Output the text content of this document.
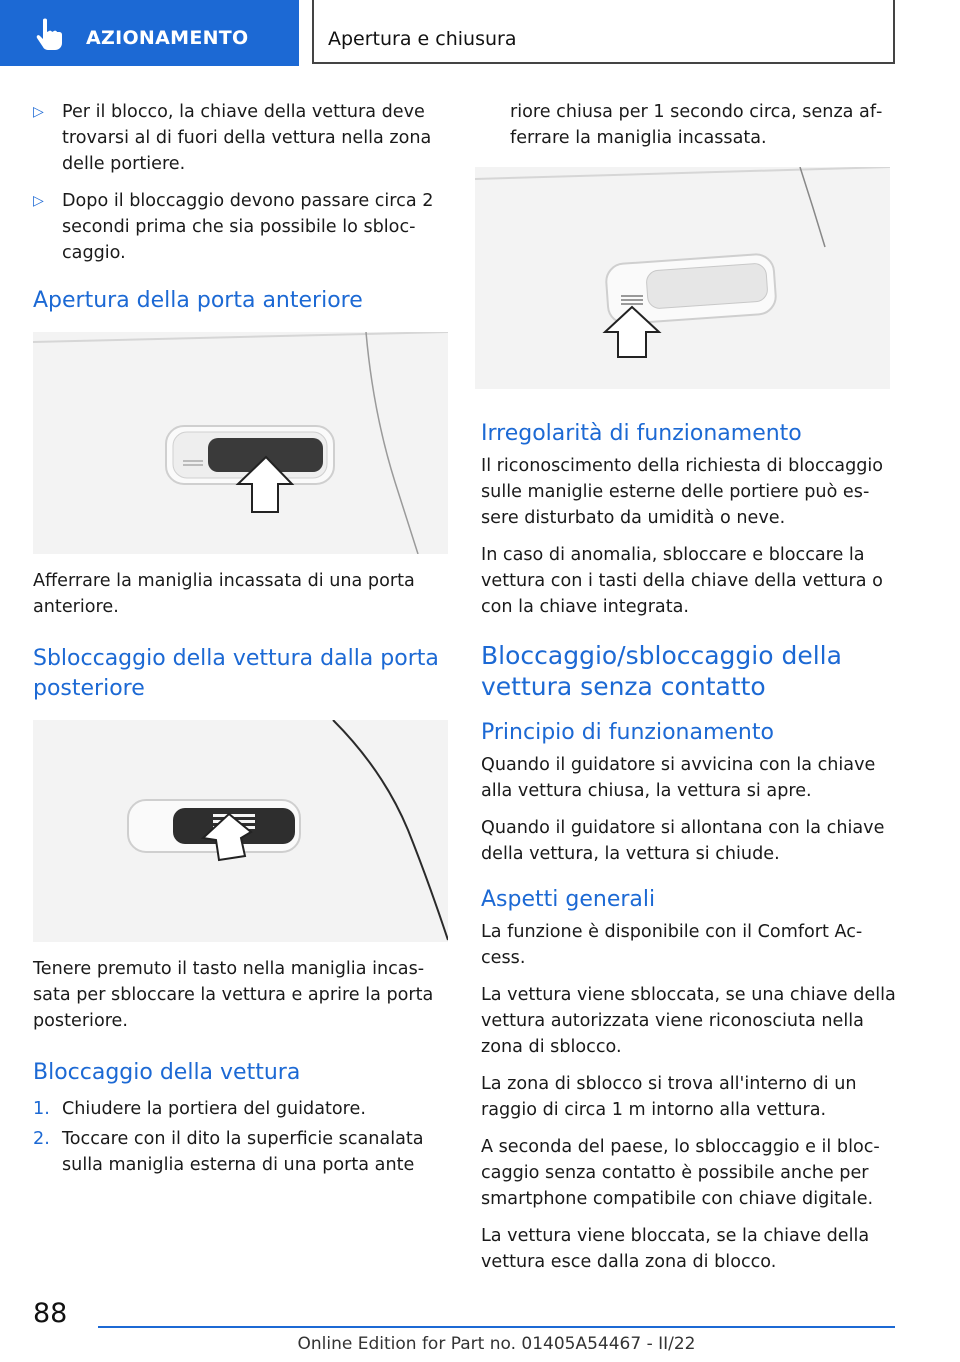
AZIONAMENTO	Apertura e chiusura
▷ Per il blocco, la chiave della vettura deve trovarsi al di fuori della vettura nella zona delle portiere.
▷ Dopo il bloccaggio devono passare circa 2 secondi prima che sia possibile lo sbloccaggio.
Apertura della porta anteriore

Afferrare la maniglia incassata di una porta anteriore.

Sbloccaggio della vettura dalla porta posteriore

Tenere premuto il tasto nella maniglia incassata per sbloccare la vettura e aprire la porta posteriore.

Bloccaggio della vettura
1. Chiudere la portiera del guidatore.
2. Toccare con il dito la superficie scanalata sulla maniglia esterna di una porta ante

riore chiusa per 1 secondo circa, senza afferrare la maniglia incassata.

Irregolarità di funzionamento

Il riconoscimento della richiesta di bloccaggio sulle maniglie esterne delle portiere può essere disturbato da umidità o neve.

In caso di anomalia, sbloccare e bloccare la vettura con i tasti della chiave della vettura o con la chiave integrata.

Bloccaggio/sbloccaggio della vettura senza contatto
Principio di funzionamento

Quando il guidatore si avvicina con la chiave alla vettura chiusa, la vettura si apre.

Quando il guidatore si allontana con la chiave della vettura, la vettura si chiude.

Aspetti generali

La funzione è disponibile con il Comfort Access.

La vettura viene sbloccata, se una chiave della vettura autorizzata viene riconosciuta nella zona di sblocco.

La zona di sblocco si trova all'interno di un raggio di circa 1 m intorno alla vettura.

A seconda del paese, lo sbloccaggio e il bloccaggio senza contatto è possibile anche per smartphone compatibile con chiave digitale.

La vettura viene bloccata, se la chiave della vettura esce dalla zona di blocco.

88
Online Edition for Part no. 01405A54467 - II/22
